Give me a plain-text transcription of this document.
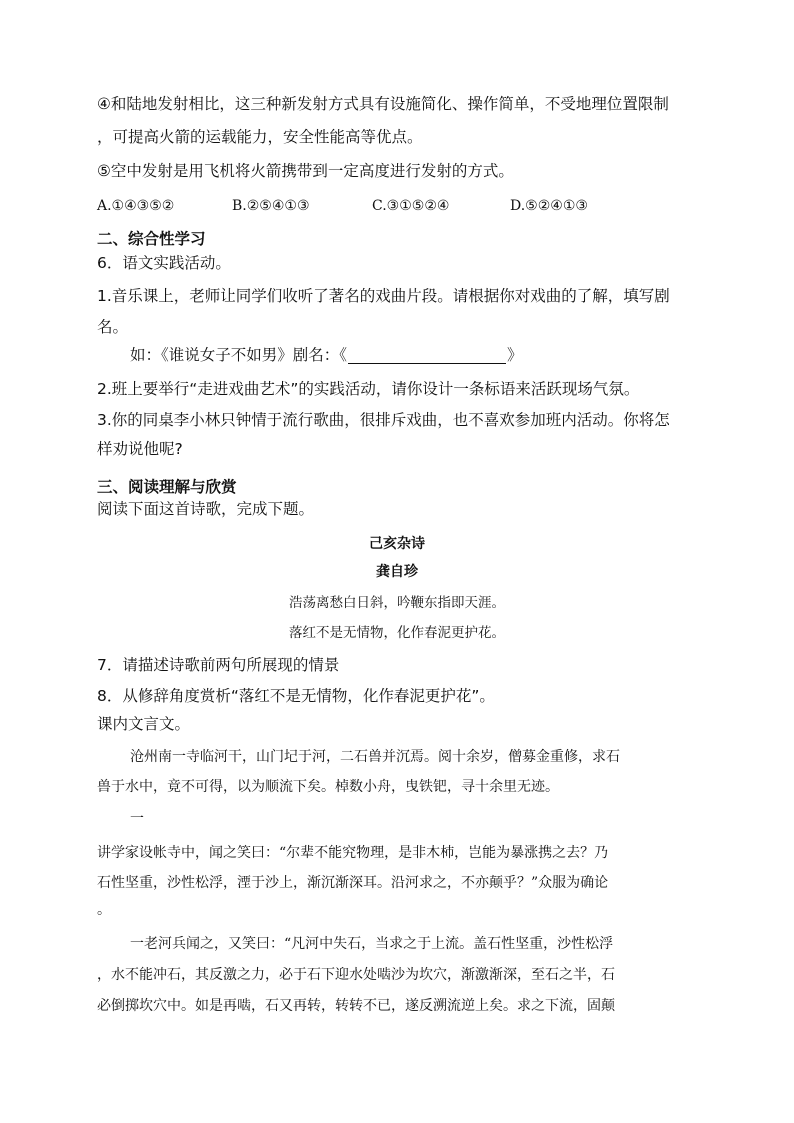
④和陆地发射相比，这三种新发射方式具有设施简化、操作简单，不受地理位置限制
，可提高火箭的运载能力，安全性能高等优点。
⑤空中发射是用飞机将火箭携带到一定高度进行发射的方式。
A.①④③⑤②	B.②⑤④①③	C.③①⑤②④	D.⑤②④①③
二、综合性学习
6．语文实践活动。
1.音乐课上，老师让同学们收听了著名的戏曲片段。请根据你对戏曲的了解，填写剧
名。
如：《谁说女子不如男》剧名：《	》
2.班上要举行“走进戏曲艺术”的实践活动，请你设计一条标语来活跃现场气氛。
3.你的同桌李小林只钟情于流行歌曲，很排斥戏曲，也不喜欢参加班内活动。你将怎
样劝说他呢?
三、阅读理解与欣赏
阅读下面这首诗歌，完成下题。
己亥杂诗
龚自珍
浩荡离愁白日斜，吟鞭东指即天涯。
落红不是无情物，化作春泥更护花。
7．请描述诗歌前两句所展现的情景
8．从修辞角度赏析“落红不是无情物，化作春泥更护花”。
课内文言文。
沧州南一寺临河干，山门圮于河，二石兽并沉焉。阅十余岁，僧募金重修，求石
兽于水中，竟不可得，以为顺流下矣。棹数小舟，曳铁钯，寻十余里无迹。
一
讲学家设帐寺中，闻之笑曰：“尔辈不能究物理，是非木杮，岂能为暴涨携之去？乃
石性坚重，沙性松浮，湮于沙上，渐沉渐深耳。沿河求之，不亦颠乎？”众服为确论
。
一老河兵闻之，又笑曰：“凡河中失石，当求之于上流。盖石性坚重，沙性松浮
，水不能冲石，其反激之力，必于石下迎水处啮沙为坎穴，渐激渐深，至石之半，石
必倒掷坎穴中。如是再啮，石又再转，转转不已，遂反溯流逆上矣。求之下流，固颠
